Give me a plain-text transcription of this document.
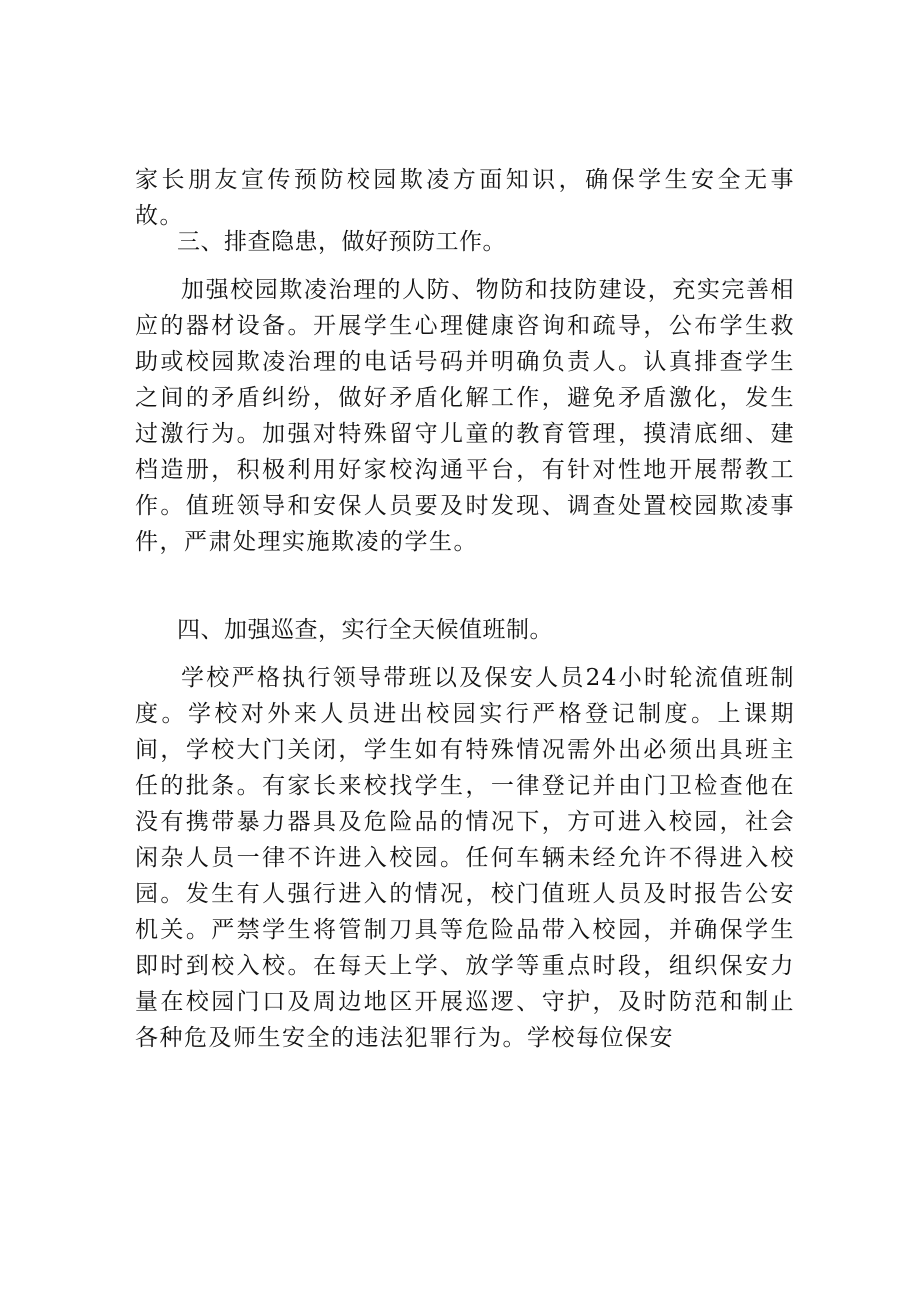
家长朋友宣传预防校园欺凌方面知识，确保学生安全无事故。
三、排查隐患，做好预防工作。
加强校园欺凌治理的人防、物防和技防建设，充实完善相应的器材设备。开展学生心理健康咨询和疏导，公布学生救助或校园欺凌治理的电话号码并明确负责人。认真排查学生之间的矛盾纠纷，做好矛盾化解工作，避免矛盾激化，发生过激行为。加强对特殊留守儿童的教育管理，摸清底细、建档造册，积极利用好家校沟通平台，有针对性地开展帮教工作。值班领导和安保人员要及时发现、调查处置校园欺凌事件，严肃处理实施欺凌的学生。
四、加强巡查，实行全天候值班制。
学校严格执行领导带班以及保安人员24小时轮流值班制度。学校对外来人员进出校园实行严格登记制度。上课期间，学校大门关闭，学生如有特殊情况需外出必须出具班主任的批条。有家长来校找学生，一律登记并由门卫检查他在没有携带暴力器具及危险品的情况下，方可进入校园，社会闲杂人员一律不许进入校园。任何车辆未经允许不得进入校园。发生有人强行进入的情况，校门值班人员及时报告公安机关。严禁学生将管制刀具等危险品带入校园，并确保学生即时到校入校。在每天上学、放学等重点时段，组织保安力量在校园门口及周边地区开展巡逻、守护，及时防范和制止各种危及师生安全的违法犯罪行为。学校每位保安
